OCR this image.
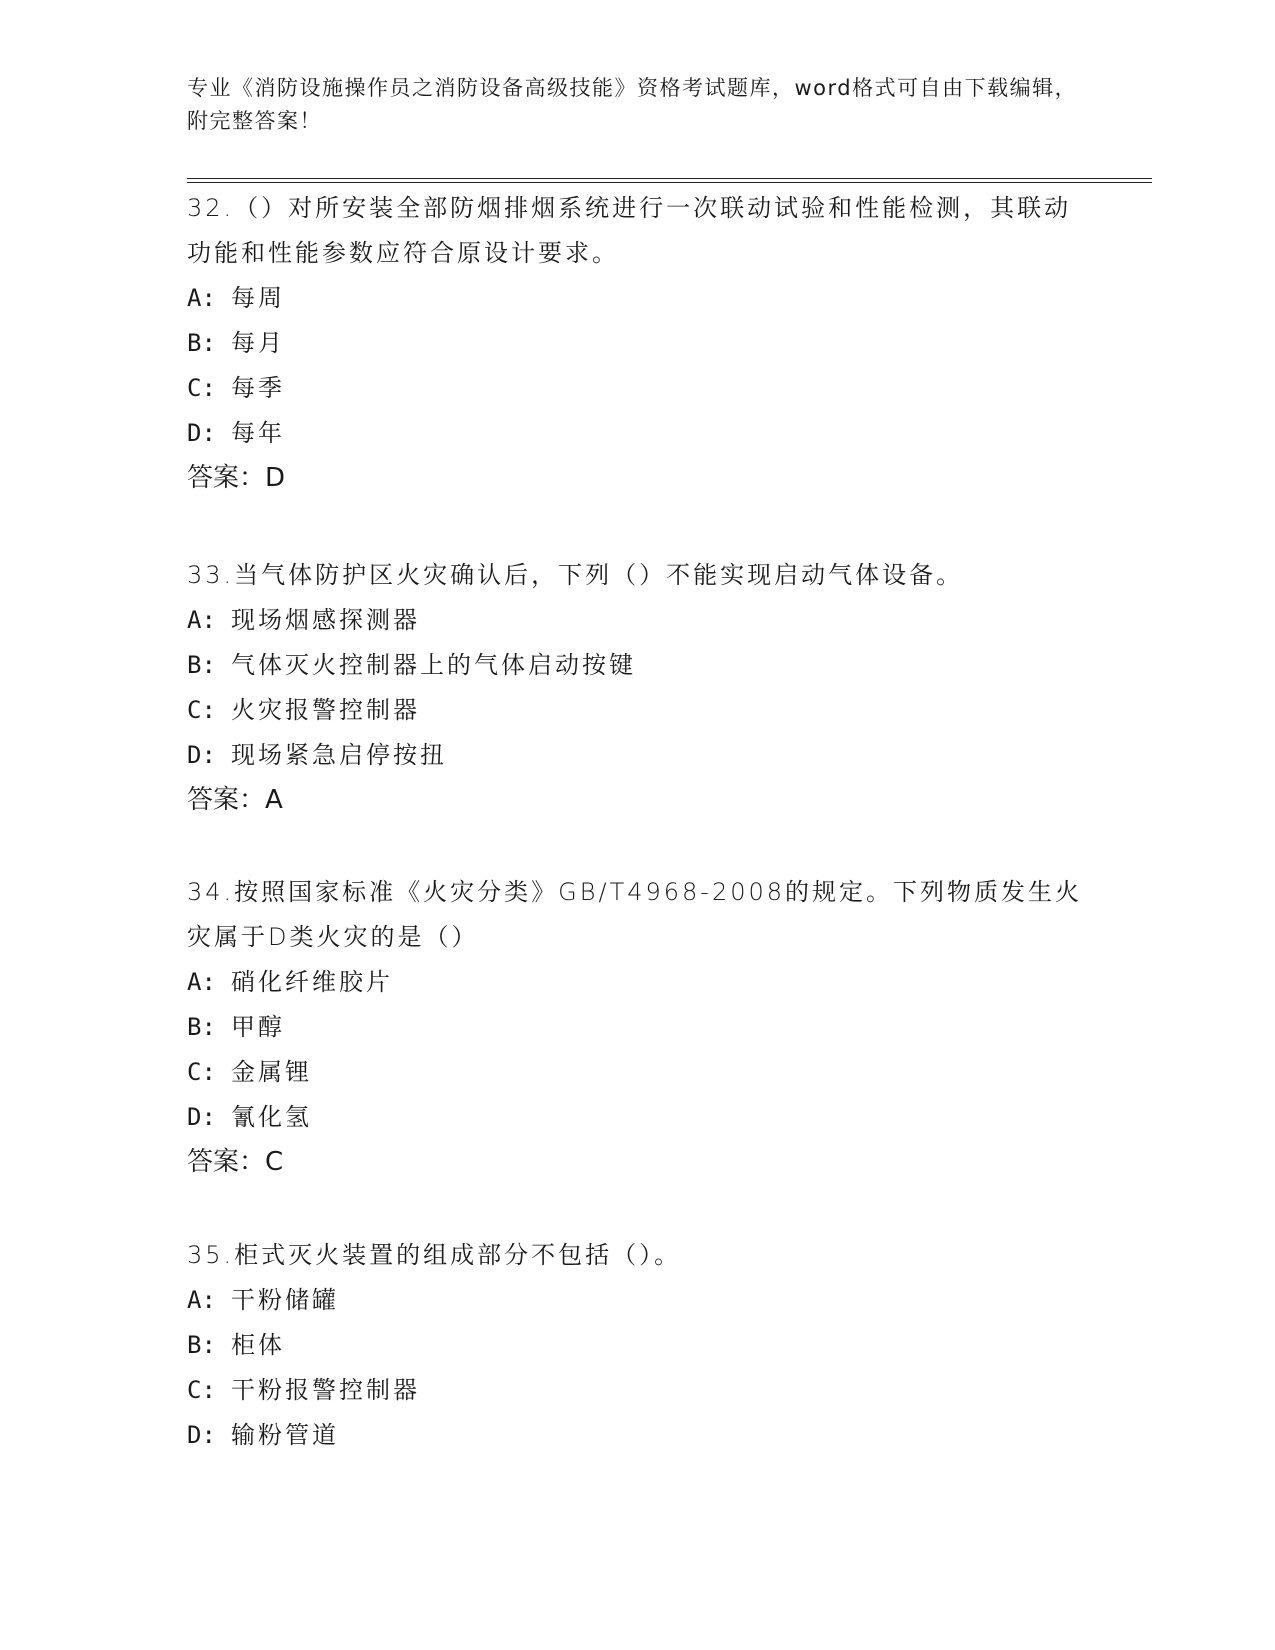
专业《消防设施操作员之消防设备高级技能》资格考试题库，word格式可自由下载编辑，附完整答案！

32.（）对所安装全部防烟排烟系统进行一次联动试验和性能检测，其联动功能和性能参数应符合原设计要求。

A: 每周
B: 每月
C: 每季
D: 每年

答案：D

33.当气体防护区火灾确认后，下列（）不能实现启动气体设备。

A: 现场烟感探测器
B: 气体灭火控制器上的气体启动按键
C: 火灾报警控制器
D: 现场紧急启停按扭

答案：A

34.按照国家标准《火灾分类》GB/T4968-2008的规定。下列物质发生火灾属于D类火灾的是（）

A: 硝化纤维胶片
B: 甲醇
C: 金属锂
D: 氰化氢

答案：C

35.柜式灭火装置的组成部分不包括（）。

A: 干粉储罐
B: 柜体
C: 干粉报警控制器
D: 输粉管道
